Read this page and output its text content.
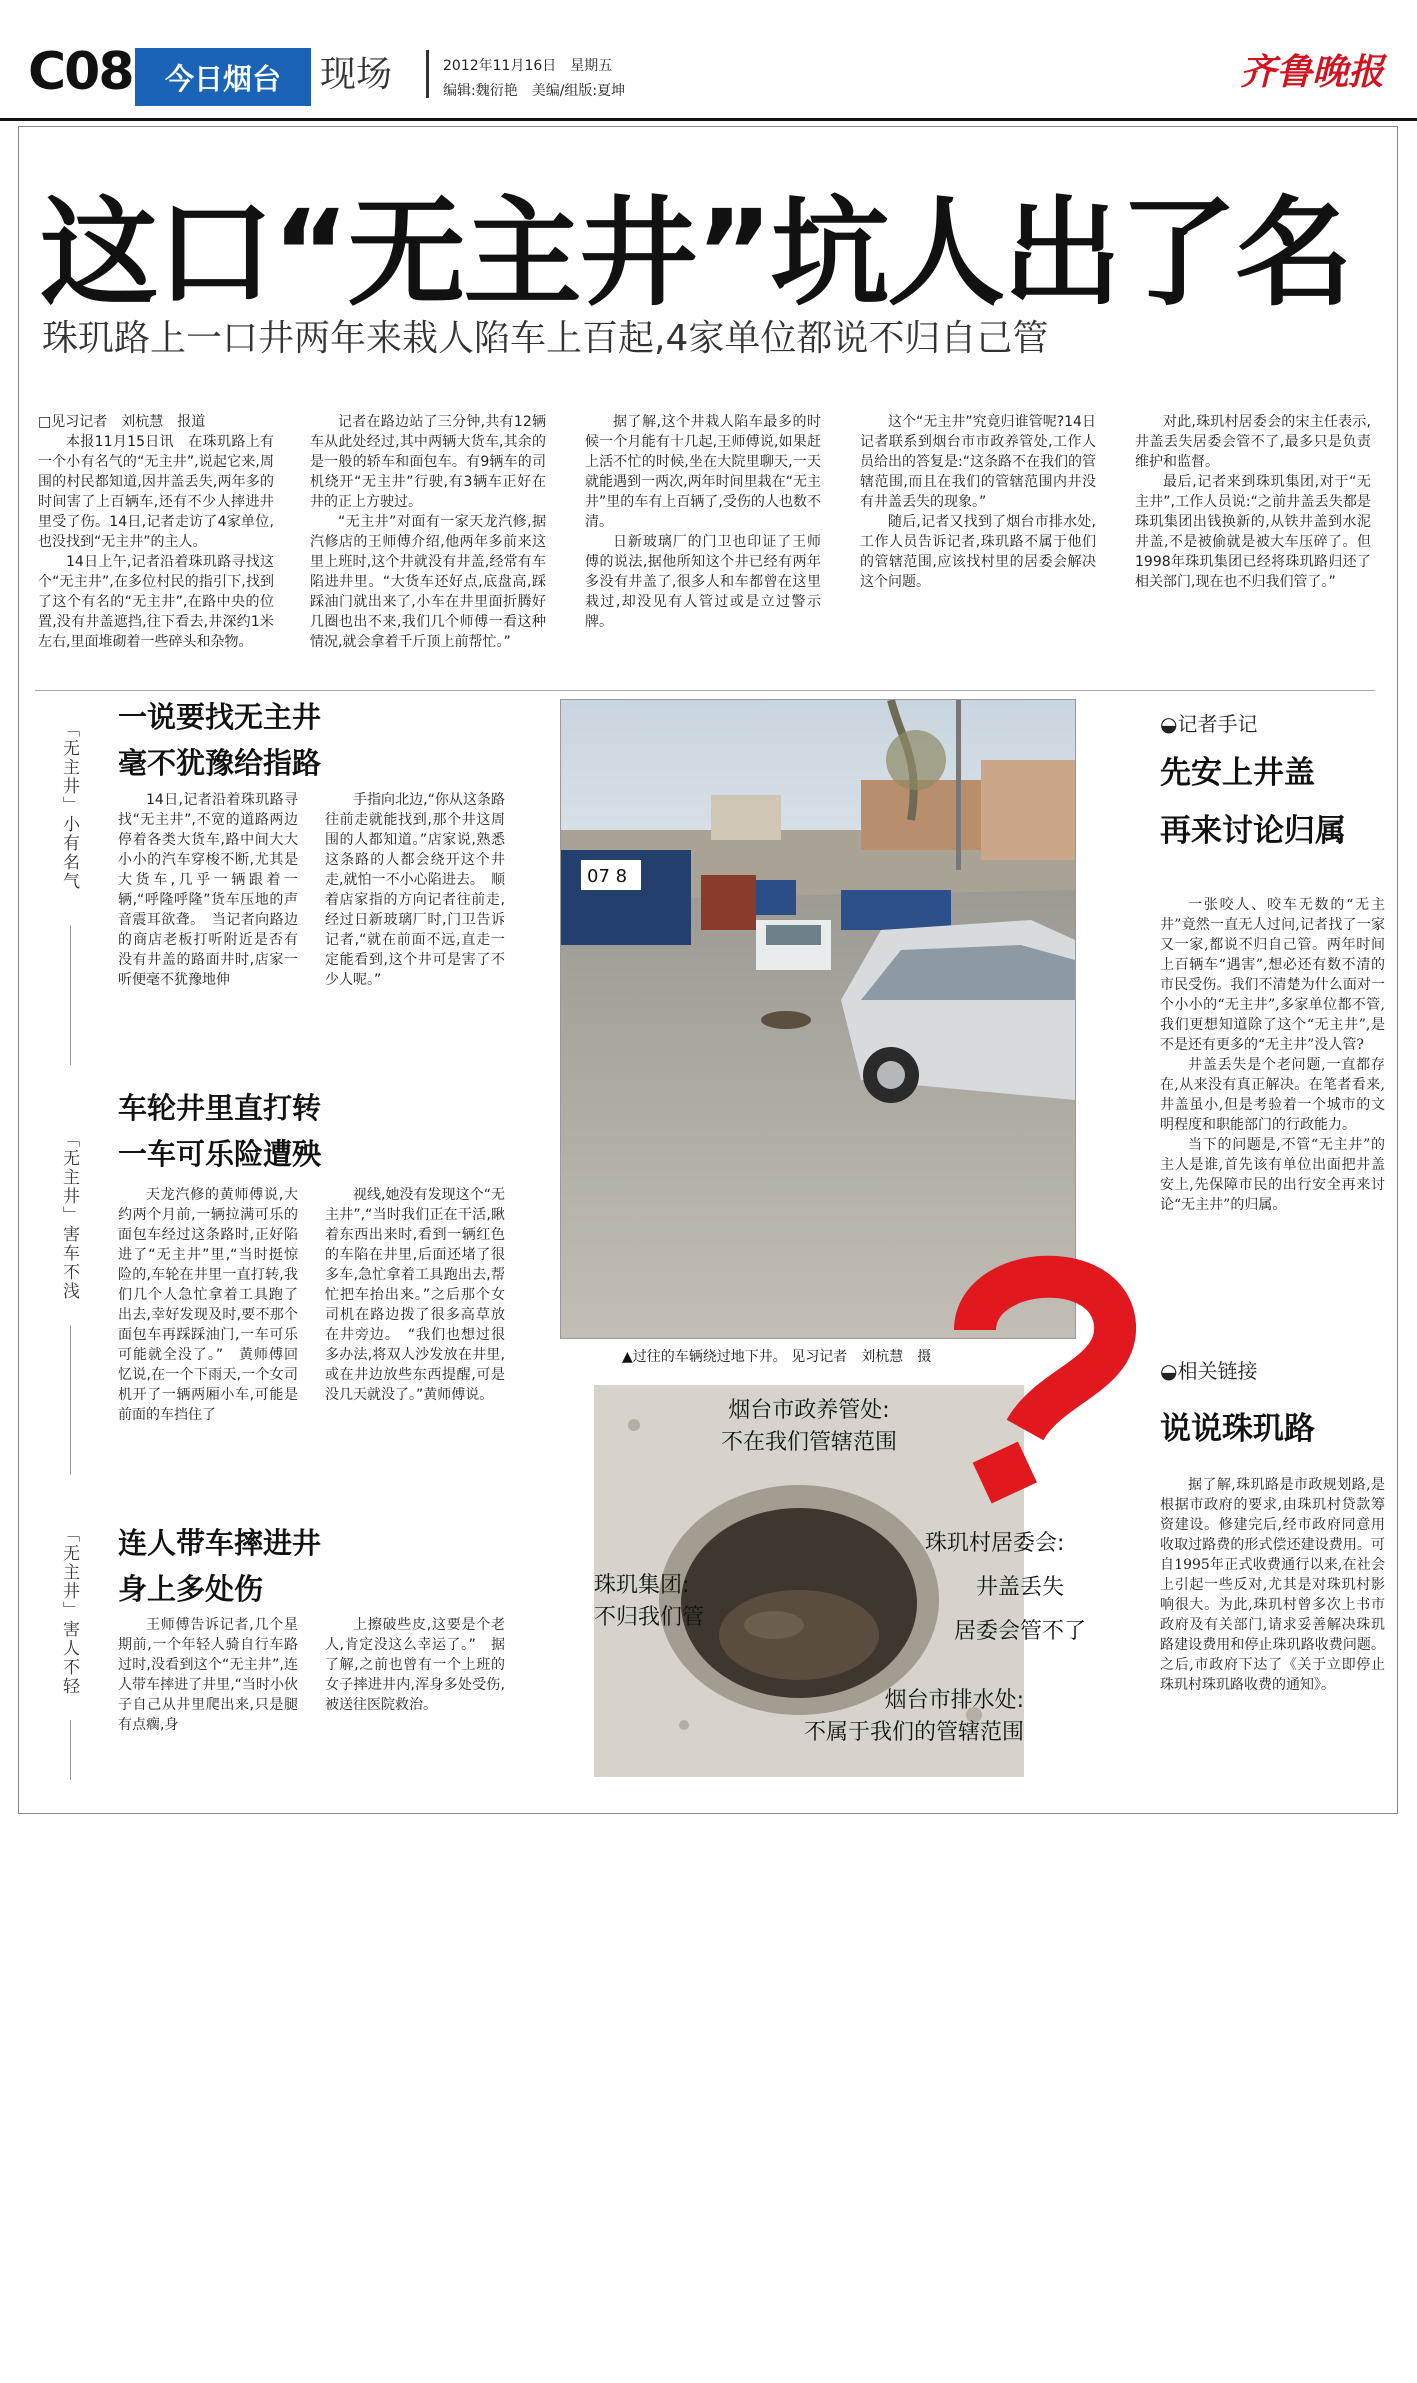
C08	今日烟台	现场	2012年11月16日　星期五
编辑:魏衍艳　美编/组版:夏坤	齐鲁晚报
这口“无主井”坑人出了名
珠玑路上一口井两年来栽人陷车上百起,4家单位都说不归自己管

□见习记者　刘杭慧　报道

本报11月15日讯　在珠玑路上有一个小有名气的“无主井”,说起它来,周围的村民都知道,因井盖丢失,两年多的时间害了上百辆车,还有不少人摔进井里受了伤。14日,记者走访了4家单位,也没找到“无主井”的主人。

14日上午,记者沿着珠玑路寻找这个“无主井”,在多位村民的指引下,找到了这个有名的“无主井”,在路中央的位置,没有井盖遮挡,往下看去,井深约1米左右,里面堆砌着一些碎头和杂物。

记者在路边站了三分钟,共有12辆车从此处经过,其中两辆大货车,其余的是一般的轿车和面包车。有9辆车的司机绕开“无主井”行驶,有3辆车正好在井的正上方驶过。

“无主井”对面有一家天龙汽修,据汽修店的王师傅介绍,他两年多前来这里上班时,这个井就没有井盖,经常有车陷进井里。“大货车还好点,底盘高,踩踩油门就出来了,小车在井里面折腾好几圈也出不来,我们几个师傅一看这种情况,就会拿着千斤顶上前帮忙。”

据了解,这个井栽人陷车最多的时候一个月能有十几起,王师傅说,如果赶上活不忙的时候,坐在大院里聊天,一天就能遇到一两次,两年时间里栽在“无主井”里的车有上百辆了,受伤的人也数不清。

日新玻璃厂的门卫也印证了王师傅的说法,据他所知这个井已经有两年多没有井盖了,很多人和车都曾在这里栽过,却没见有人管过或是立过警示牌。

这个“无主井”究竟归谁管呢?14日记者联系到烟台市市政养管处,工作人员给出的答复是:“这条路不在我们的管辖范围,而且在我们的管辖范围内井没有井盖丢失的现象。”

随后,记者又找到了烟台市排水处,工作人员告诉记者,珠玑路不属于他们的管辖范围,应该找村里的居委会解决这个问题。

对此,珠玑村居委会的宋主任表示,井盖丢失居委会管不了,最多只是负责维护和监督。

最后,记者来到珠玑集团,对于“无主井”,工作人员说:“之前井盖丢失都是珠玑集团出钱换新的,从铁井盖到水泥井盖,不是被偷就是被大车压碎了。但1998年珠玑集团已经将珠玑路归还了相关部门,现在也不归我们管了。”

「无主井」小有名气
一说要找无主井
毫不犹豫给指路

14日,记者沿着珠玑路寻找“无主井”,不宽的道路两边停着各类大货车,路中间大大小小的汽车穿梭不断,尤其是大货车,几乎一辆跟着一辆,“呼隆呼隆”货车压地的声音震耳欲聋。　当记者向路边的商店老板打听附近是否有没有井盖的路面井时,店家一听便毫不犹豫地伸

手指向北边,“你从这条路往前走就能找到,那个井这周围的人都知道。”店家说,熟悉这条路的人都会绕开这个井走,就怕一不小心陷进去。　顺着店家指的方向记者往前走,经过日新玻璃厂时,门卫告诉记者,“就在前面不远,直走一定能看到,这个井可是害了不少人呢。”

「无主井」害车不浅
车轮井里直打转
一车可乐险遭殃

天龙汽修的黄师傅说,大约两个月前,一辆拉满可乐的面包车经过这条路时,正好陷进了“无主井”里,“当时挺惊险的,车轮在井里一直打转,我们几个人急忙拿着工具跑了出去,幸好发现及时,要不那个面包车再踩踩油门,一车可乐可能就全没了。”　黄师傅回忆说,在一个下雨天,一个女司机开了一辆两厢小车,可能是前面的车挡住了

视线,她没有发现这个“无主井”,“当时我们正在干活,瞅着东西出来时,看到一辆红色的车陷在井里,后面还堵了很多车,急忙拿着工具跑出去,帮忙把车抬出来。”之后那个女司机在路边拨了很多高草放在井旁边。　“我们也想过很多办法,将双人沙发放在井里,或在井边放些东西提醒,可是没几天就没了。”黄师傅说。

「无主井」害人不轻 连人带车摔进井
身上多处伤

王师傅告诉记者,几个星期前,一个年轻人骑自行车路过时,没看到这个“无主井”,连人带车摔进了井里,“当时小伙子自己从井里爬出来,只是腿有点瘸,身

上擦破些皮,这要是个老人,肯定没这么幸运了。”　据了解,之前也曾有一个上班的女子摔进井内,浑身多处受伤,被送往医院救治。

07 8
▲过往的车辆绕过地下井。 见习记者　刘杭慧　摄
烟台市政养管处:
不在我们管辖范围
珠玑集团:
不归我们管
烟台市排水处:
不属于我们的管辖范围
珠玑村居委会:
井盖丢失
居委会管不了
◒记者手记
先安上井盖
再来讨论归属

一张咬人、咬车无数的“无主井”竟然一直无人过问,记者找了一家又一家,都说不归自己管。两年时间上百辆车“遇害”,想必还有数不清的市民受伤。我们不清楚为什么面对一个小小的“无主井”,多家单位都不管,我们更想知道除了这个“无主井”,是不是还有更多的“无主井”没人管?

井盖丢失是个老问题,一直都存在,从来没有真正解决。在笔者看来,井盖虽小,但是考验着一个城市的文明程度和职能部门的行政能力。

当下的问题是,不管“无主井”的主人是谁,首先该有单位出面把井盖安上,先保障市民的出行安全再来讨论“无主井”的归属。

◒相关链接
说说珠玑路

据了解,珠玑路是市政规划路,是根据市政府的要求,由珠玑村贷款筹资建设。修建完后,经市政府同意用收取过路费的形式偿还建设费用。可自1995年正式收费通行以来,在社会上引起一些反对,尤其是对珠玑村影响很大。为此,珠玑村曾多次上书市政府及有关部门,请求妥善解决珠玑路建设费用和停止珠玑路收费问题。之后,市政府下达了《关于立即停止珠玑村珠玑路收费的通知》。
